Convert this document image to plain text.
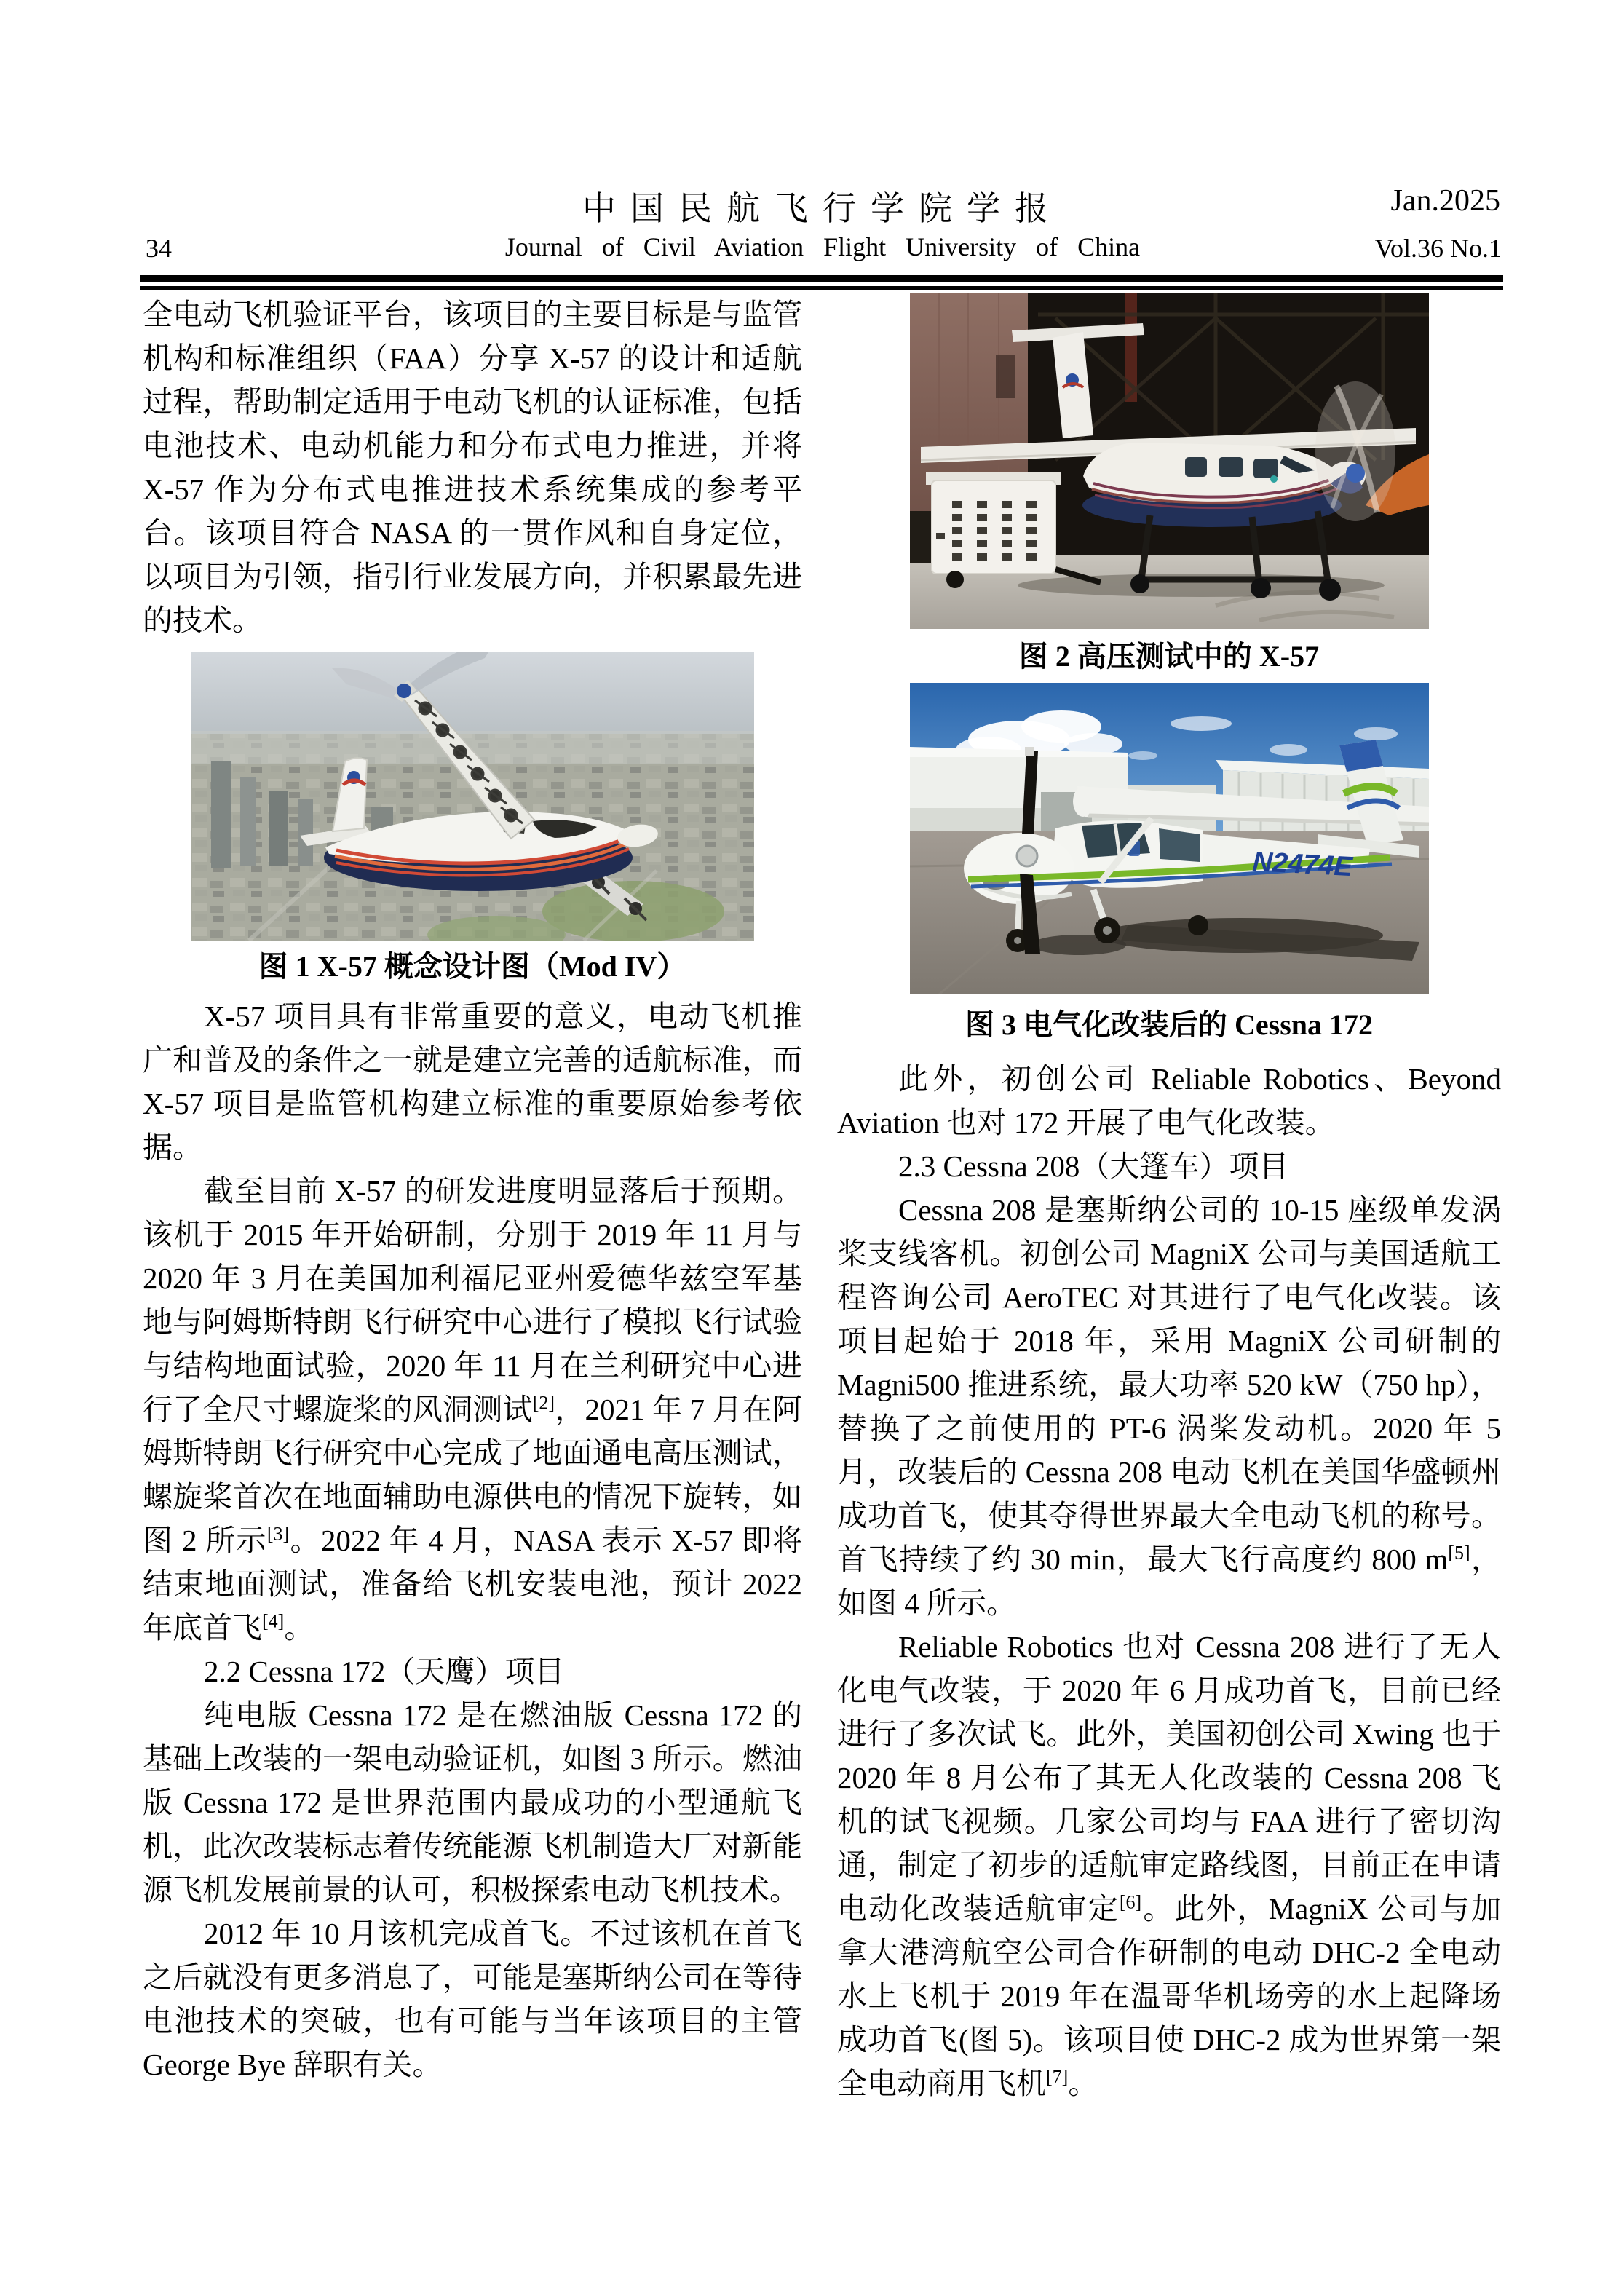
中国民航飞行学院学报	Jan.2025
34	Journal of Civil Aviation Flight University of China	Vol.36 No.1

全电动飞机验证平台，该项目的主要目标是与监管机构和标准组织（FAA）分享 X-57 的设计和适航过程，帮助制定适用于电动飞机的认证标准，包括电池技术、电动机能力和分布式电力推进，并将 X-57 作为分布式电推进技术系统集成的参考平台。该项目符合 NASA 的一贯作风和自身定位，以项目为引领，指引行业发展方向，并积累最先进的技术。

图 1 X-57 概念设计图（Mod IV）

X-57 项目具有非常重要的意义，电动飞机推广和普及的条件之一就是建立完善的适航标准，而 X-57 项目是监管机构建立标准的重要原始参考依据。

截至目前 X-57 的研发进度明显落后于预期。该机于 2015 年开始研制，分别于 2019 年 11 月与 2020 年 3 月在美国加利福尼亚州爱德华兹空军基地与阿姆斯特朗飞行研究中心进行了模拟飞行试验与结构地面试验，2020 年 11 月在兰利研究中心进行了全尺寸螺旋桨的风洞测试[2]，2021 年 7 月在阿姆斯特朗飞行研究中心完成了地面通电高压测试，螺旋桨首次在地面辅助电源供电的情况下旋转，如图 2 所示[3]。2022 年 4 月，NASA 表示 X-57 即将结束地面测试，准备给飞机安装电池，预计 2022 年底首飞[4]。

2.2 Cessna 172（天鹰）项目

纯电版 Cessna 172 是在燃油版 Cessna 172 的基础上改装的一架电动验证机，如图 3 所示。燃油版 Cessna 172 是世界范围内最成功的小型通航飞机，此次改装标志着传统能源飞机制造大厂对新能源飞机发展前景的认可，积极探索电动飞机技术。

2012 年 10 月该机完成首飞。不过该机在首飞之后就没有更多消息了，可能是塞斯纳公司在等待电池技术的突破，也有可能与当年该项目的主管 George Bye 辞职有关。

图 2 高压测试中的 X-57
N2474E
图 3 电气化改装后的 Cessna 172

此外，初创公司 Reliable Robotics、Beyond Aviation 也对 172 开展了电气化改装。

2.3 Cessna 208（大篷车）项目

Cessna 208 是塞斯纳公司的 10-15 座级单发涡桨支线客机。初创公司 MagniX 公司与美国适航工程咨询公司 AeroTEC 对其进行了电气化改装。该项目起始于 2018 年，采用 MagniX 公司研制的 Magni500 推进系统，最大功率 520 kW（750 hp），替换了之前使用的 PT-6 涡桨发动机。2020 年 5 月，改装后的 Cessna 208 电动飞机在美国华盛顿州成功首飞，使其夺得世界最大全电动飞机的称号。首飞持续了约 30 min，最大飞行高度约 800 m[5]，如图 4 所示。

Reliable Robotics 也对 Cessna 208 进行了无人化电气改装，于 2020 年 6 月成功首飞，目前已经进行了多次试飞。此外，美国初创公司 Xwing 也于 2020 年 8 月公布了其无人化改装的 Cessna 208 飞机的试飞视频。几家公司均与 FAA 进行了密切沟通，制定了初步的适航审定路线图，目前正在申请电动化改装适航审定[6]。此外，MagniX 公司与加拿大港湾航空公司合作研制的电动 DHC-2 全电动水上飞机于 2019 年在温哥华机场旁的水上起降场成功首飞(图 5)。该项目使 DHC-2 成为世界第一架全电动商用飞机[7]。
